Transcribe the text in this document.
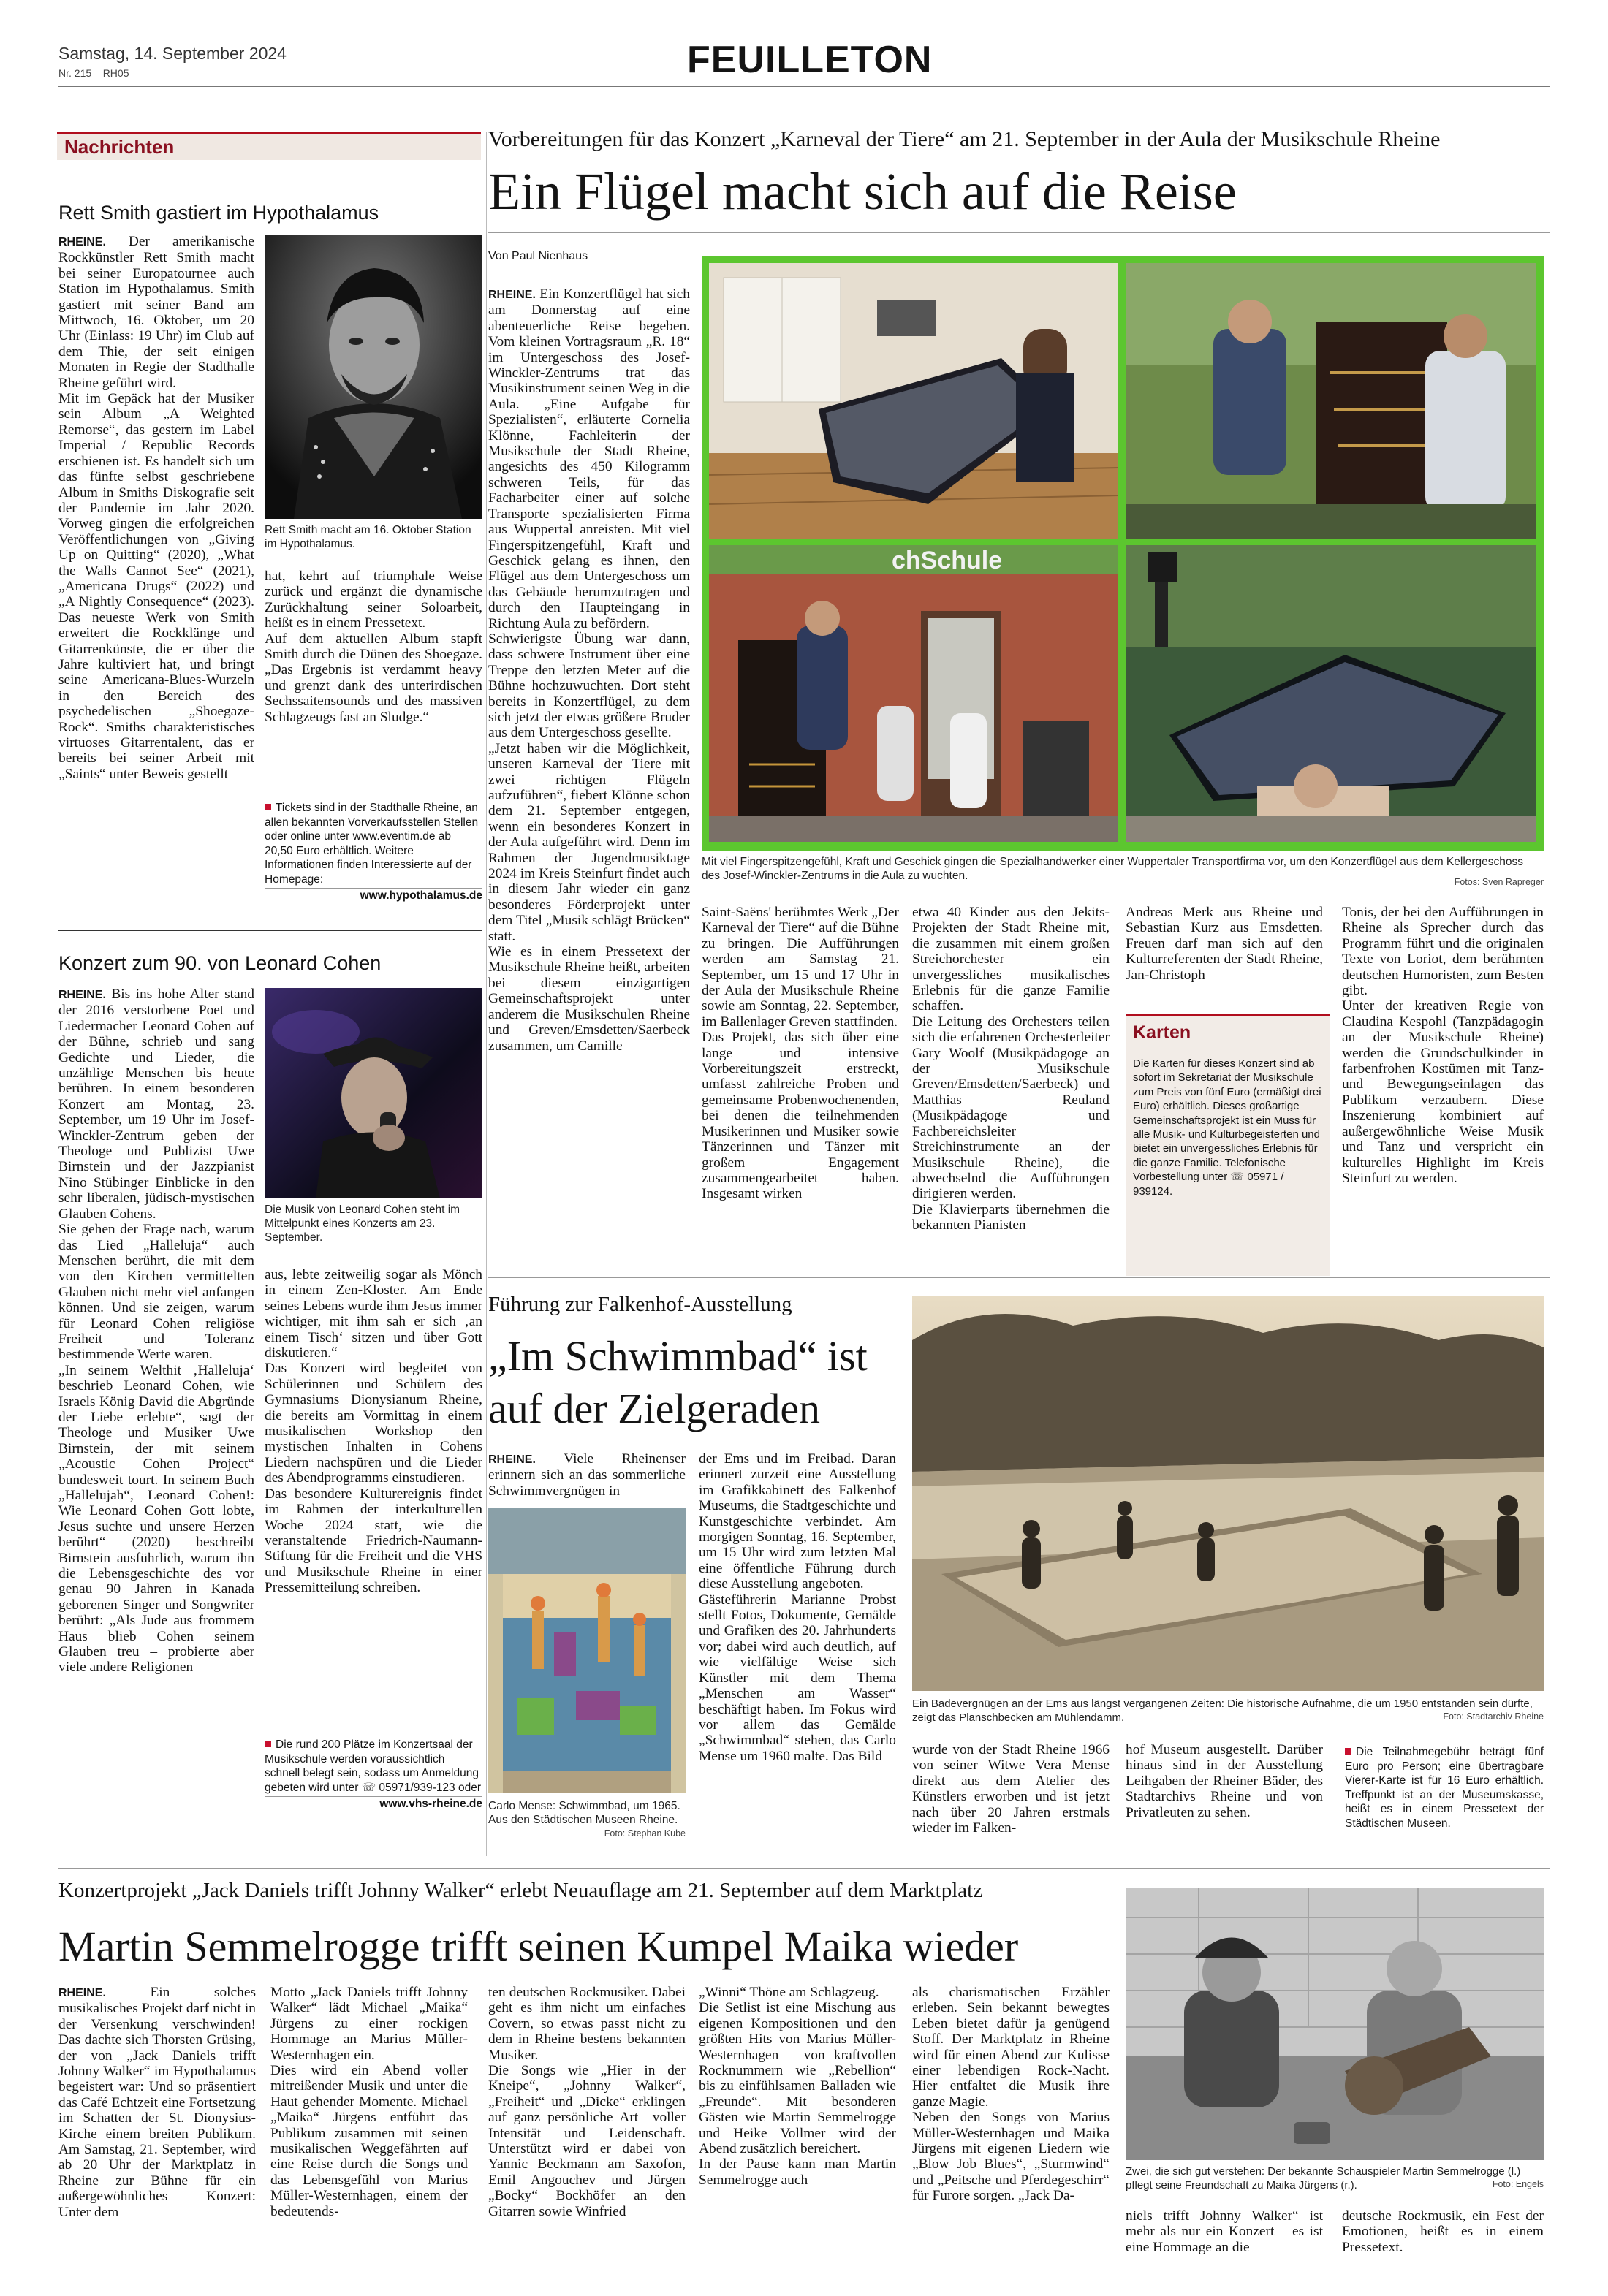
Samstag, 14. September 2024
Nr. 215    RH05	FEUILLETON
Nachrichten
Rett Smith gastiert im Hypothalamus

RHEINE. Der amerikanische Rockkünstler Rett Smith macht bei seiner Europatournee auch Station im Hypothalamus. Smith gastiert mit seiner Band am Mittwoch, 16. Oktober, um 20 Uhr (Einlass: 19 Uhr) im Club auf dem Thie, der seit einigen Monaten in Regie der Stadthalle Rheine geführt wird.
Mit im Gepäck hat der Musiker sein Album „A Weighted Remorse“, das gestern im Label Imperial / Republic Records erschienen ist. Es handelt sich um das fünfte selbst geschriebene Album in Smiths Diskografie seit der Pandemie im Jahr 2020. Vorweg gingen die erfolgreichen Veröffentlichungen von „Giving Up on Quitting“ (2020), „What the Walls Cannot See“ (2021), „Americana Drugs“ (2022) und „A Nightly Consequence“ (2023). Das neueste Werk von Smith erweitert die Rockklänge und Gitarrenkünste, die er über die Jahre kultiviert hat, und bringt seine Americana-Blues-Wurzeln in den Bereich des psychedelischen „Shoegaze-Rock“. Smiths charakteristisches virtuoses Gitarrentalent, das er bereits bei seiner Arbeit mit „Saints“ unter Beweis gestellt

Rett Smith macht am 16. Oktober Station im Hypothalamus.

hat, kehrt auf triumphale Weise zurück und ergänzt die dynamische Zurückhaltung seiner Soloarbeit, heißt es in einem Pressetext.
Auf dem aktuellen Album stapft Smith durch die Dünen des Shoegaze. „Das Ergebnis ist verdammt heavy und grenzt dank des unterirdischen Sechssaitensounds und des massiven Schlagzeugs fast an Sludge.“

Tickets sind in der Stadthalle Rheine, an allen bekannten Vorverkaufsstellen Stellen oder online unter www.eventim.de ab 20,50 Euro erhältlich. Weitere Informationen finden Interessierte auf der Homepage:
www.hypothalamus.de
Konzert zum 90. von Leonard Cohen

RHEINE. Bis ins hohe Alter stand der 2016 verstorbene Poet und Liedermacher Leonard Cohen auf der Bühne, schrieb und sang Gedichte und Lieder, die unzählige Menschen bis heute berühren. In einem besonderen Konzert am Montag, 23. September, um 19 Uhr im Josef-Winckler-Zentrum geben der Theologe und Publizist Uwe Birnstein und der Jazzpianist Nino Stübinger Einblicke in den sehr liberalen, jüdisch-mystischen Glauben Cohens.
Sie gehen der Frage nach, warum das Lied „Halleluja“ auch Menschen berührt, die mit dem von den Kirchen vermittelten Glauben nicht mehr viel anfangen können. Und sie zeigen, warum für Leonard Cohen religiöse Freiheit und Toleranz bestimmende Werte waren.
„In seinem Welthit ‚Halleluja‘ beschrieb Leonard Cohen, wie Israels König David die Abgründe der Liebe erlebte“, sagt der Theologe und Musiker Uwe Birnstein, der mit seinem „Acoustic Cohen Project“ bundesweit tourt. In seinem Buch „Hallelujah“, Leonard Cohen!: Wie Leonard Cohen Gott lobte, Jesus suchte und unsere Herzen berührt“ (2020) beschreibt Birnstein ausführlich, warum ihn die Lebensgeschichte des vor genau 90 Jahren in Kanada geborenen Singer und Songwriter berührt: „Als Jude aus frommem Haus blieb Cohen seinem Glauben treu – probierte aber viele andere Religionen

Die Musik von Leonard Cohen steht im Mittelpunkt eines Konzerts am 23. September.

aus, lebte zeitweilig sogar als Mönch in einem Zen-Kloster. Am Ende seines Lebens wurde ihm Jesus immer wichtiger, mit ihm sah er sich ‚an einem Tisch‘ sitzen und über Gott diskutieren.“
Das Konzert wird begleitet von Schülerinnen und Schülern des Gymnasiums Dionysianum Rheine, die bereits am Vormittag in einem musikalischen Workshop den mystischen Inhalten in Cohens Liedern nachspüren und die Lieder des Abendprogramms einstudieren.
Das besondere Kulturereignis findet im Rahmen der interkulturellen Woche 2024 statt, wie die veranstaltende Friedrich-Naumann-Stiftung für die Freiheit und die VHS und Musikschule Rheine in einer Pressemitteilung schreiben.

Die rund 200 Plätze im Konzertsaal der Musikschule werden voraussichtlich schnell belegt sein, sodass um Anmeldung gebeten wird unter ☏ 05971/939-123 oder
www.vhs-rheine.de
Vorbereitungen für das Konzert „Karneval der Tiere“ am 21. September in der Aula der Musikschule Rheine
Ein Flügel macht sich auf die Reise
Von Paul Nienhaus

RHEINE. Ein Konzertflügel hat sich am Donnerstag auf eine abenteuerliche Reise begeben. Vom kleinen Vortragsraum „R. 18“ im Untergeschoss des Josef-Winckler-Zentrums trat das Musikinstrument seinen Weg in die Aula. „Eine Aufgabe für Spezialisten“, erläuterte Cornelia Klönne, Fachleiterin der Musikschule der Stadt Rheine, angesichts des 450 Kilogramm schweren Teils, für das Facharbeiter einer auf solche Transporte spezialisierten Firma aus Wuppertal anreisten. Mit viel Fingerspitzengefühl, Kraft und Geschick gelang es ihnen, den Flügel aus dem Untergeschoss um das Gebäude herumzutragen und durch den Haupteingang in Richtung Aula zu befördern.
Schwierigste Übung war dann, dass schwere Instrument über eine Treppe den letzten Meter auf die Bühne hochzuwuchten. Dort steht bereits in Konzertflügel, zu dem sich jetzt der etwas größere Bruder aus dem Untergeschoss gesellte.
„Jetzt haben wir die Möglichkeit, unseren Karneval der Tiere mit zwei richtigen Flügeln aufzuführen“, fiebert Klönne schon dem 21. September entgegen, wenn ein besonderes Konzert in der Aula aufgeführt wird. Denn im Rahmen der Jugendmusiktage 2024 im Kreis Steinfurt findet auch in diesem Jahr wieder ein ganz besonderes Förderprojekt unter dem Titel „Musik schlägt Brücken“ statt.
Wie es in einem Pressetext der Musikschule Rheine heißt, arbeiten bei diesem einzigartigen Gemeinschaftsprojekt unter anderem die Musikschulen Rheine und Greven/Emsdetten/Saerbeck zusammen, um Camille

chSchule
Mit viel Fingerspitzengefühl, Kraft und Geschick gingen die Spezialhandwerker einer Wuppertaler Transportfirma vor, um den Konzertflügel aus dem Kellergeschoss des Josef-Winckler-Zentrums in die Aula zu wuchten.	Fotos: Sven Rapreger

Saint-Saëns' berühmtes Werk „Der Karneval der Tiere“ auf die Bühne zu bringen. Die Aufführungen werden am Samstag 21. September, um 15 und 17 Uhr in der Aula der Musikschule Rheine sowie am Sonntag, 22. September, im Ballenlager Greven stattfinden.
Das Projekt, das sich über eine lange und intensive Vorbereitungszeit erstreckt, umfasst zahlreiche Proben und gemeinsame Probenwochenenden, bei denen die teilnehmenden Musikerinnen und Musiker sowie Tänzerinnen und Tänzer mit großem Engagement zusammengearbeitet haben. Insgesamt wirken

etwa 40 Kinder aus den Jekits-Projekten der Stadt Rheine mit, die zusammen mit einem großen Streichorchester ein unvergessliches musikalisches Erlebnis für die ganze Familie schaffen.
Die Leitung des Orchesters teilen sich die erfahrenen Orchesterleiter Gary Woolf (Musikpädagoge an der Musikschule Greven/Emsdetten/Saerbeck) und Matthias Reuland (Musikpädagoge und Fachbereichsleiter Streichinstrumente an der Musikschule Rheine), die abwechselnd die Aufführungen dirigieren werden.
Die Klavierparts übernehmen die bekannten Pianisten

Andreas Merk aus Rheine und Sebastian Kurz aus Emsdetten. Freuen darf man sich auf den Kulturreferenten der Stadt Rheine, Jan-Christoph

Karten
Die Karten für dieses Konzert sind ab sofort im Sekretariat der Musikschule zum Preis von fünf Euro (ermäßigt drei Euro) erhältlich. Dieses großartige Gemeinschaftsprojekt ist ein Muss für alle Musik- und Kulturbegeisterten und bietet ein unvergessliches Erlebnis für die ganze Familie. Telefonische Vorbestellung unter ☏ 05971 / 939124.

Tonis, der bei den Aufführungen in Rheine als Sprecher durch das Programm führt und die originalen Texte von Loriot, dem berühmten deutschen Humoristen, zum Besten gibt.
Unter der kreativen Regie von Claudina Kespohl (Tanzpädagogin an der Musikschule Rheine) werden die Grundschulkinder in farbenfrohen Kostümen mit Tanz- und Bewegungseinlagen das Publikum verzaubern. Diese Inszenierung kombiniert auf außergewöhnliche Weise Musik und Tanz und verspricht ein kulturelles Highlight im Kreis Steinfurt zu werden.

Führung zur Falkenhof-Ausstellung
„Im Schwimmbad“ ist auf der Zielgeraden

RHEINE. Viele Rheinenser erinnern sich an das sommerliche Schwimmvergnügen in

Carlo Mense: Schwimmbad, um 1965. Aus den Städtischen Museen Rheine.
Foto: Stephan Kube

der Ems und im Freibad. Daran erinnert zurzeit eine Ausstellung im Grafikkabinett des Falkenhof Museums, die Stadtgeschichte und Kunstgeschichte verbindet. Am morgigen Sonntag, 16. September, um 15 Uhr wird zum letzten Mal eine öffentliche Führung durch diese Ausstellung angeboten.
Gästeführerin Marianne Probst stellt Fotos, Dokumente, Gemälde und Grafiken des 20. Jahrhunderts vor; dabei wird auch deutlich, auf wie vielfältige Weise sich Künstler mit dem Thema „Menschen am Wasser“ beschäftigt haben. Im Fokus wird vor allem das Gemälde „Schwimmbad“ stehen, das Carlo Mense um 1960 malte. Das Bild

Ein Badevergnügen an der Ems aus längst vergangenen Zeiten: Die historische Aufnahme, die um 1950 entstanden sein dürfte, zeigt das Planschbecken am Mühlendamm.	Foto: Stadtarchiv Rheine

wurde von der Stadt Rheine 1966 von seiner Witwe Vera Mense direkt aus dem Atelier des Künstlers erworben und ist jetzt nach über 20 Jahren erstmals wieder im Falken-

hof Museum ausgestellt. Darüber hinaus sind in der Ausstellung Leihgaben der Rheiner Bäder, des Stadtarchivs Rheine und von Privatleuten zu sehen.

Die Teilnahmegebühr beträgt fünf Euro pro Person; eine übertragbare Vierer-Karte ist für 16 Euro erhältlich. Treffpunkt ist an der Museumskasse, heißt es in einem Pressetext der Städtischen Museen.
Konzertprojekt „Jack Daniels trifft Johnny Walker“ erlebt Neuauflage am 21. September auf dem Marktplatz
Martin Semmelrogge trifft seinen Kumpel Maika wieder

RHEINE.	Ein solches musikalisches Projekt darf nicht in der Versenkung verschwinden! Das dachte sich Thorsten Grüsing, der von „Jack Daniels trifft Johnny Walker“ im Hypothalamus begeistert war: Und so präsentiert das Café Echtzeit eine Fortsetzung im Schatten der St. Dionysius-Kirche einem breiten Publikum. Am Samstag, 21. September, wird ab 20 Uhr der Marktplatz in Rheine zur Bühne für ein außergewöhnliches Konzert: Unter dem

Motto „Jack Daniels trifft Johnny Walker“ lädt Michael „Maika“ Jürgens zu einer rockigen Hommage an Marius Müller-Westernhagen ein.
Dies wird ein Abend voller mitreißender Musik und unter die Haut gehender Momente. Michael „Maika“ Jürgens entführt das Publikum zusammen mit seinen musikalischen Weggefährten auf eine Reise durch die Songs und das Lebensgefühl von Marius Müller-Westernhagen, einem der bedeutends-

ten deutschen Rockmusiker. Dabei geht es ihm nicht um einfaches Covern, so etwas passt nicht zu dem in Rheine bestens bekannten Musiker.
Die Songs wie „Hier in der Kneipe“, „Johnny Walker“, „Freiheit“ und „Dicke“ erklingen auf ganz persönliche Art– voller Intensität und Leidenschaft. Unterstützt wird er dabei von Yannic Beckmann am Saxofon, Emil Angouchev und Jürgen „Bocky“ Bockhöfer an den Gitarren sowie Winfried

„Winni“ Thöne am Schlagzeug.
Die Setlist ist eine Mischung aus eigenen Kompositionen und den größten Hits von Marius Müller-Westernhagen – von kraftvollen Rocknummern wie „Rebellion“ bis zu einfühlsamen Balladen wie „Freunde“. Mit besonderen Gästen wie Martin Semmelrogge und Heike Vollmer wird der Abend zusätzlich bereichert.
In der Pause kann man Martin Semmelrogge auch

als charismatischen Erzähler erleben. Sein bekannt bewegtes Leben bietet dafür ja genügend Stoff. Der Marktplatz in Rheine wird für einen Abend zur Kulisse einer lebendigen Rock-Nacht. Hier entfaltet die Musik ihre ganze Magie.
Neben den Songs von Marius Müller-Westernhagen und Maika Jürgens mit eigenen Liedern wie „Blow Job Blues“, „Sturmwind“ und „Peitsche und Pferdegeschirr“ für Furore sorgen. „Jack Da-

Zwei, die sich gut verstehen: Der bekannte Schauspieler Martin Semmelrogge (l.) pflegt seine Freundschaft zu Maika Jürgens (r.).	Foto: Engels

niels trifft Johnny Walker“ ist mehr als nur ein Konzert – es ist eine Hommage an die

deutsche Rockmusik, ein Fest der Emotionen, heißt es in einem Pressetext.
